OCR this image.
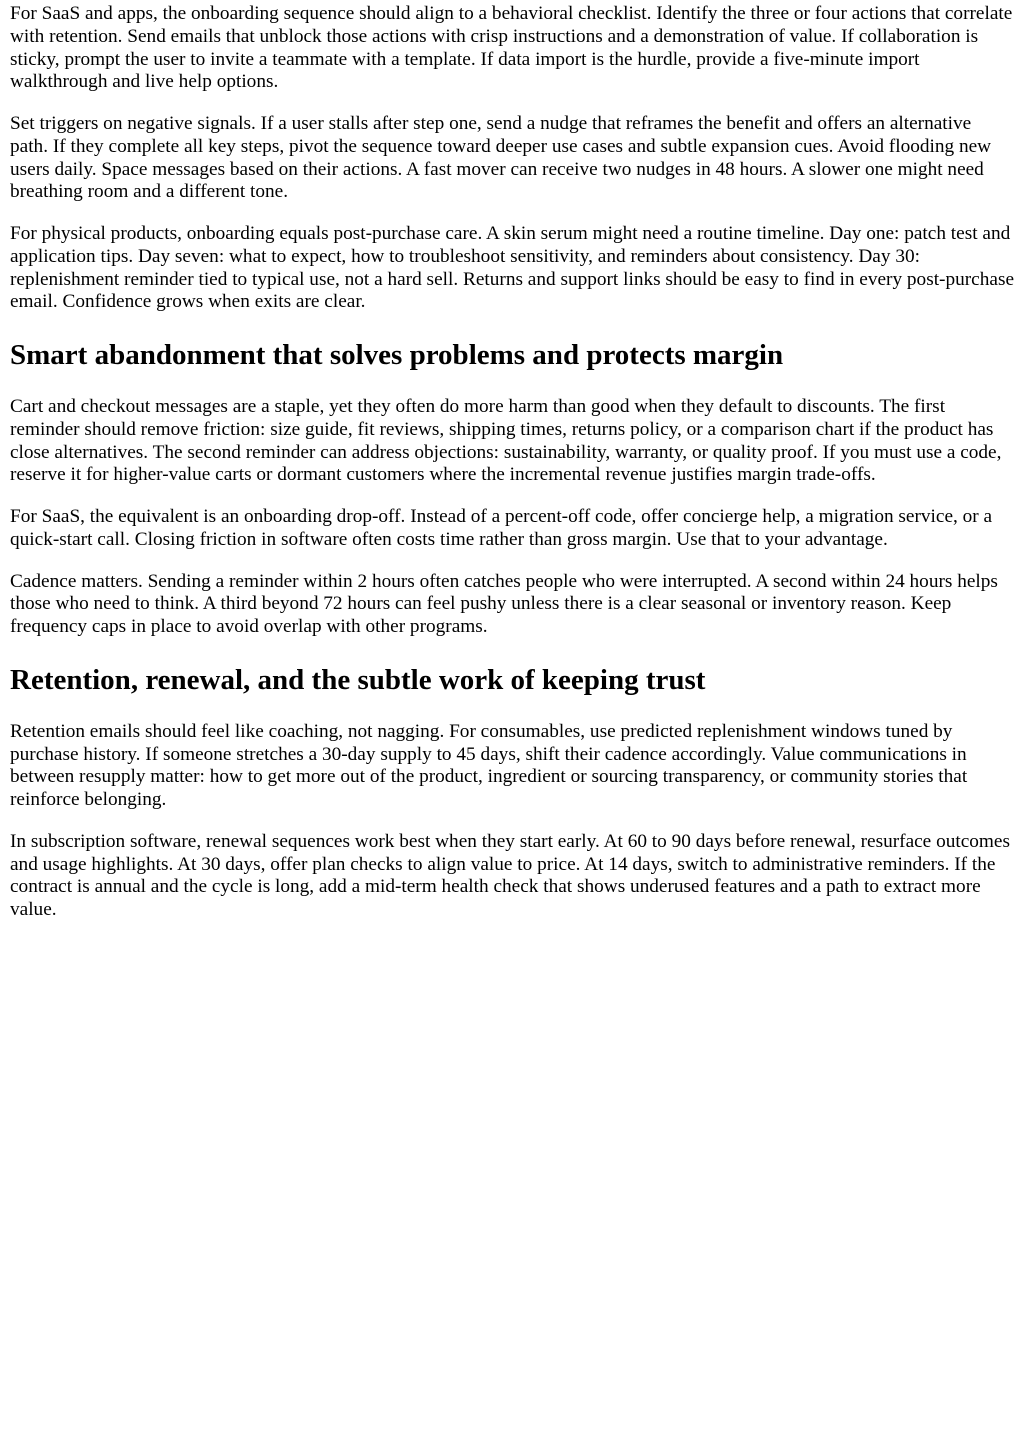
For SaaS and apps, the onboarding sequence should align to a behavioral checklist. Identify the three or four actions that correlate with retention. Send emails that unblock those actions with crisp instructions and a demonstration of value. If collaboration is sticky, prompt the user to invite a teammate with a template. If data import is the hurdle, provide a five-minute import walkthrough and live help options.

Set triggers on negative signals. If a user stalls after step one, send a nudge that reframes the benefit and offers an alternative path. If they complete all key steps, pivot the sequence toward deeper use cases and subtle expansion cues. Avoid flooding new users daily. Space messages based on their actions. A fast mover can receive two nudges in 48 hours. A slower one might need breathing room and a different tone.

For physical products, onboarding equals post-purchase care. A skin serum might need a routine timeline. Day one: patch test and application tips. Day seven: what to expect, how to troubleshoot sensitivity, and reminders about consistency. Day 30: replenishment reminder tied to typical use, not a hard sell. Returns and support links should be easy to find in every post-purchase email. Confidence grows when exits are clear.

Smart abandonment that solves problems and protects margin

Cart and checkout messages are a staple, yet they often do more harm than good when they default to discounts. The first reminder should remove friction: size guide, fit reviews, shipping times, returns policy, or a comparison chart if the product has close alternatives. The second reminder can address objections: sustainability, warranty, or quality proof. If you must use a code, reserve it for higher-value carts or dormant customers where the incremental revenue justifies margin trade-offs.

For SaaS, the equivalent is an onboarding drop-off. Instead of a percent-off code, offer concierge help, a migration service, or a quick-start call. Closing friction in software often costs time rather than gross margin. Use that to your advantage.

Cadence matters. Sending a reminder within 2 hours often catches people who were interrupted. A second within 24 hours helps those who need to think. A third beyond 72 hours can feel pushy unless there is a clear seasonal or inventory reason. Keep frequency caps in place to avoid overlap with other programs.

Retention, renewal, and the subtle work of keeping trust

Retention emails should feel like coaching, not nagging. For consumables, use predicted replenishment windows tuned by purchase history. If someone stretches a 30-day supply to 45 days, shift their cadence accordingly. Value communications in between resupply matter: how to get more out of the product, ingredient or sourcing transparency, or community stories that reinforce belonging.

In subscription software, renewal sequences work best when they start early. At 60 to 90 days before renewal, resurface outcomes and usage highlights. At 30 days, offer plan checks to align value to price. At 14 days, switch to administrative reminders. If the contract is annual and the cycle is long, add a mid-term health check that shows underused features and a path to extract more value.
